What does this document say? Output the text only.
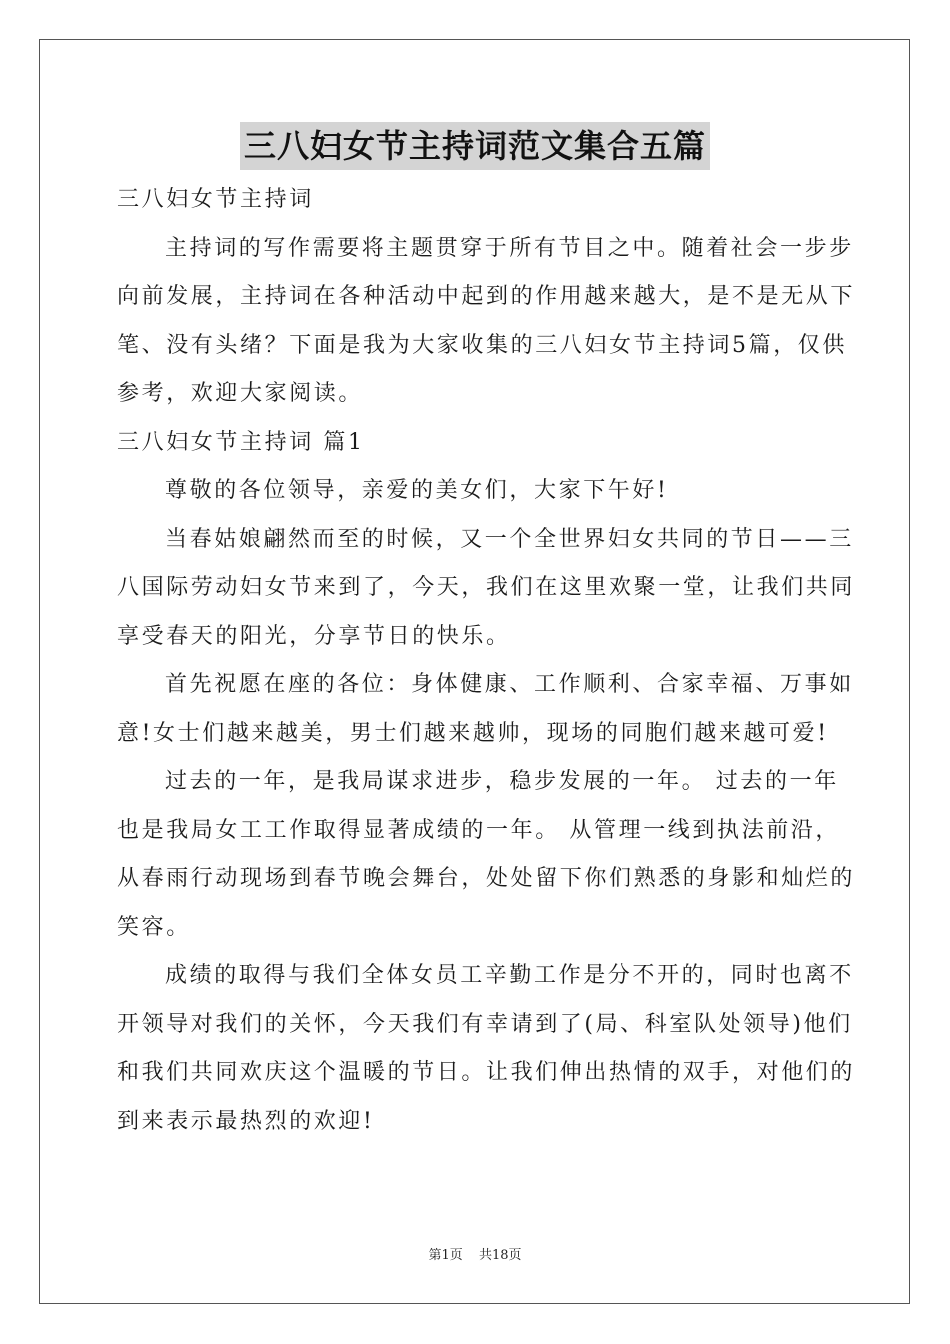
三八妇女节主持词范文集合五篇
三八妇女节主持词
主持词的写作需要将主题贯穿于所有节目之中。随着社会一步步
向前发展，主持词在各种活动中起到的作用越来越大，是不是无从下
笔、没有头绪？下面是我为大家收集的三八妇女节主持词5篇，仅供
参考，欢迎大家阅读。
三八妇女节主持词 篇1
尊敬的各位领导，亲爱的美女们，大家下午好!
当春姑娘翩然而至的时候，又一个全世界妇女共同的节日——三
八国际劳动妇女节来到了，今天，我们在这里欢聚一堂，让我们共同
享受春天的阳光，分享节日的快乐。
首先祝愿在座的各位：身体健康、工作顺利、合家幸福、万事如
意!女士们越来越美，男士们越来越帅，现场的同胞们越来越可爱!
过去的一年，是我局谋求进步，稳步发展的一年。 过去的一年
也是我局女工工作取得显著成绩的一年。 从管理一线到执法前沿，
从春雨行动现场到春节晚会舞台，处处留下你们熟悉的身影和灿烂的
笑容。
成绩的取得与我们全体女员工辛勤工作是分不开的，同时也离不
开领导对我们的关怀，今天我们有幸请到了(局、科室队处领导)他们
和我们共同欢庆这个温暖的节日。让我们伸出热情的双手，对他们的
到来表示最热烈的欢迎!
第1页 共18页
